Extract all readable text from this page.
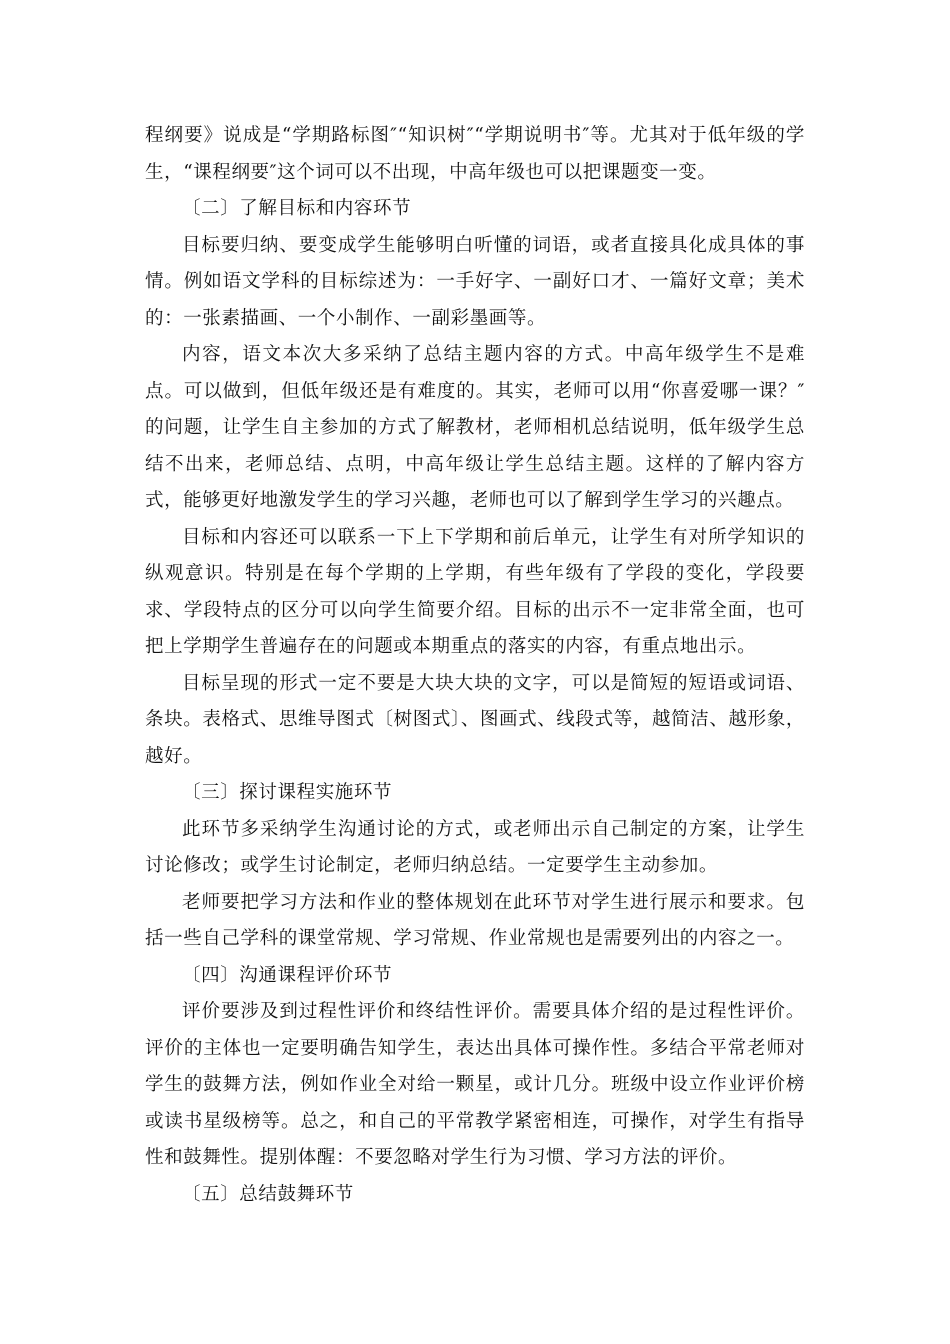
程纲要》说成是“学期路标图″“知识树″“学期说明书″等。尤其对于低年级的学生，“课程纲要″这个词可以不出现，中高年级也可以把课题变一变。

〔二〕了解目标和内容环节

目标要归纳、要变成学生能够明白听懂的词语，或者直接具化成具体的事情。例如语文学科的目标综述为：一手好字、一副好口才、一篇好文章；美术的：一张素描画、一个小制作、一副彩墨画等。

内容，语文本次大多采纳了总结主题内容的方式。中高年级学生不是难点。可以做到，但低年级还是有难度的。其实，老师可以用“你喜爱哪一课？″的问题，让学生自主参加的方式了解教材，老师相机总结说明，低年级学生总结不出来，老师总结、点明，中高年级让学生总结主题。这样的了解内容方式，能够更好地激发学生的学习兴趣，老师也可以了解到学生学习的兴趣点。

目标和内容还可以联系一下上下学期和前后单元，让学生有对所学知识的纵观意识。特别是在每个学期的上学期，有些年级有了学段的变化，学段要求、学段特点的区分可以向学生简要介绍。目标的出示不一定非常全面，也可把上学期学生普遍存在的问题或本期重点的落实的内容，有重点地出示。

目标呈现的形式一定不要是大块大块的文字，可以是简短的短语或词语、条块。表格式、思维导图式〔树图式〕、图画式、线段式等，越简洁、越形象，越好。

〔三〕探讨课程实施环节

此环节多采纳学生沟通讨论的方式，或老师出示自己制定的方案，让学生讨论修改；或学生讨论制定，老师归纳总结。一定要学生主动参加。

老师要把学习方法和作业的整体规划在此环节对学生进行展示和要求。包括一些自己学科的课堂常规、学习常规、作业常规也是需要列出的内容之一。

〔四〕沟通课程评价环节

评价要涉及到过程性评价和终结性评价。需要具体介绍的是过程性评价。评价的主体也一定要明确告知学生，表达出具体可操作性。多结合平常老师对学生的鼓舞方法，例如作业全对给一颗星，或计几分。班级中设立作业评价榜或读书星级榜等。总之，和自己的平常教学紧密相连，可操作，对学生有指导性和鼓舞性。提别体醒：不要忽略对学生行为习惯、学习方法的评价。

〔五〕总结鼓舞环节
